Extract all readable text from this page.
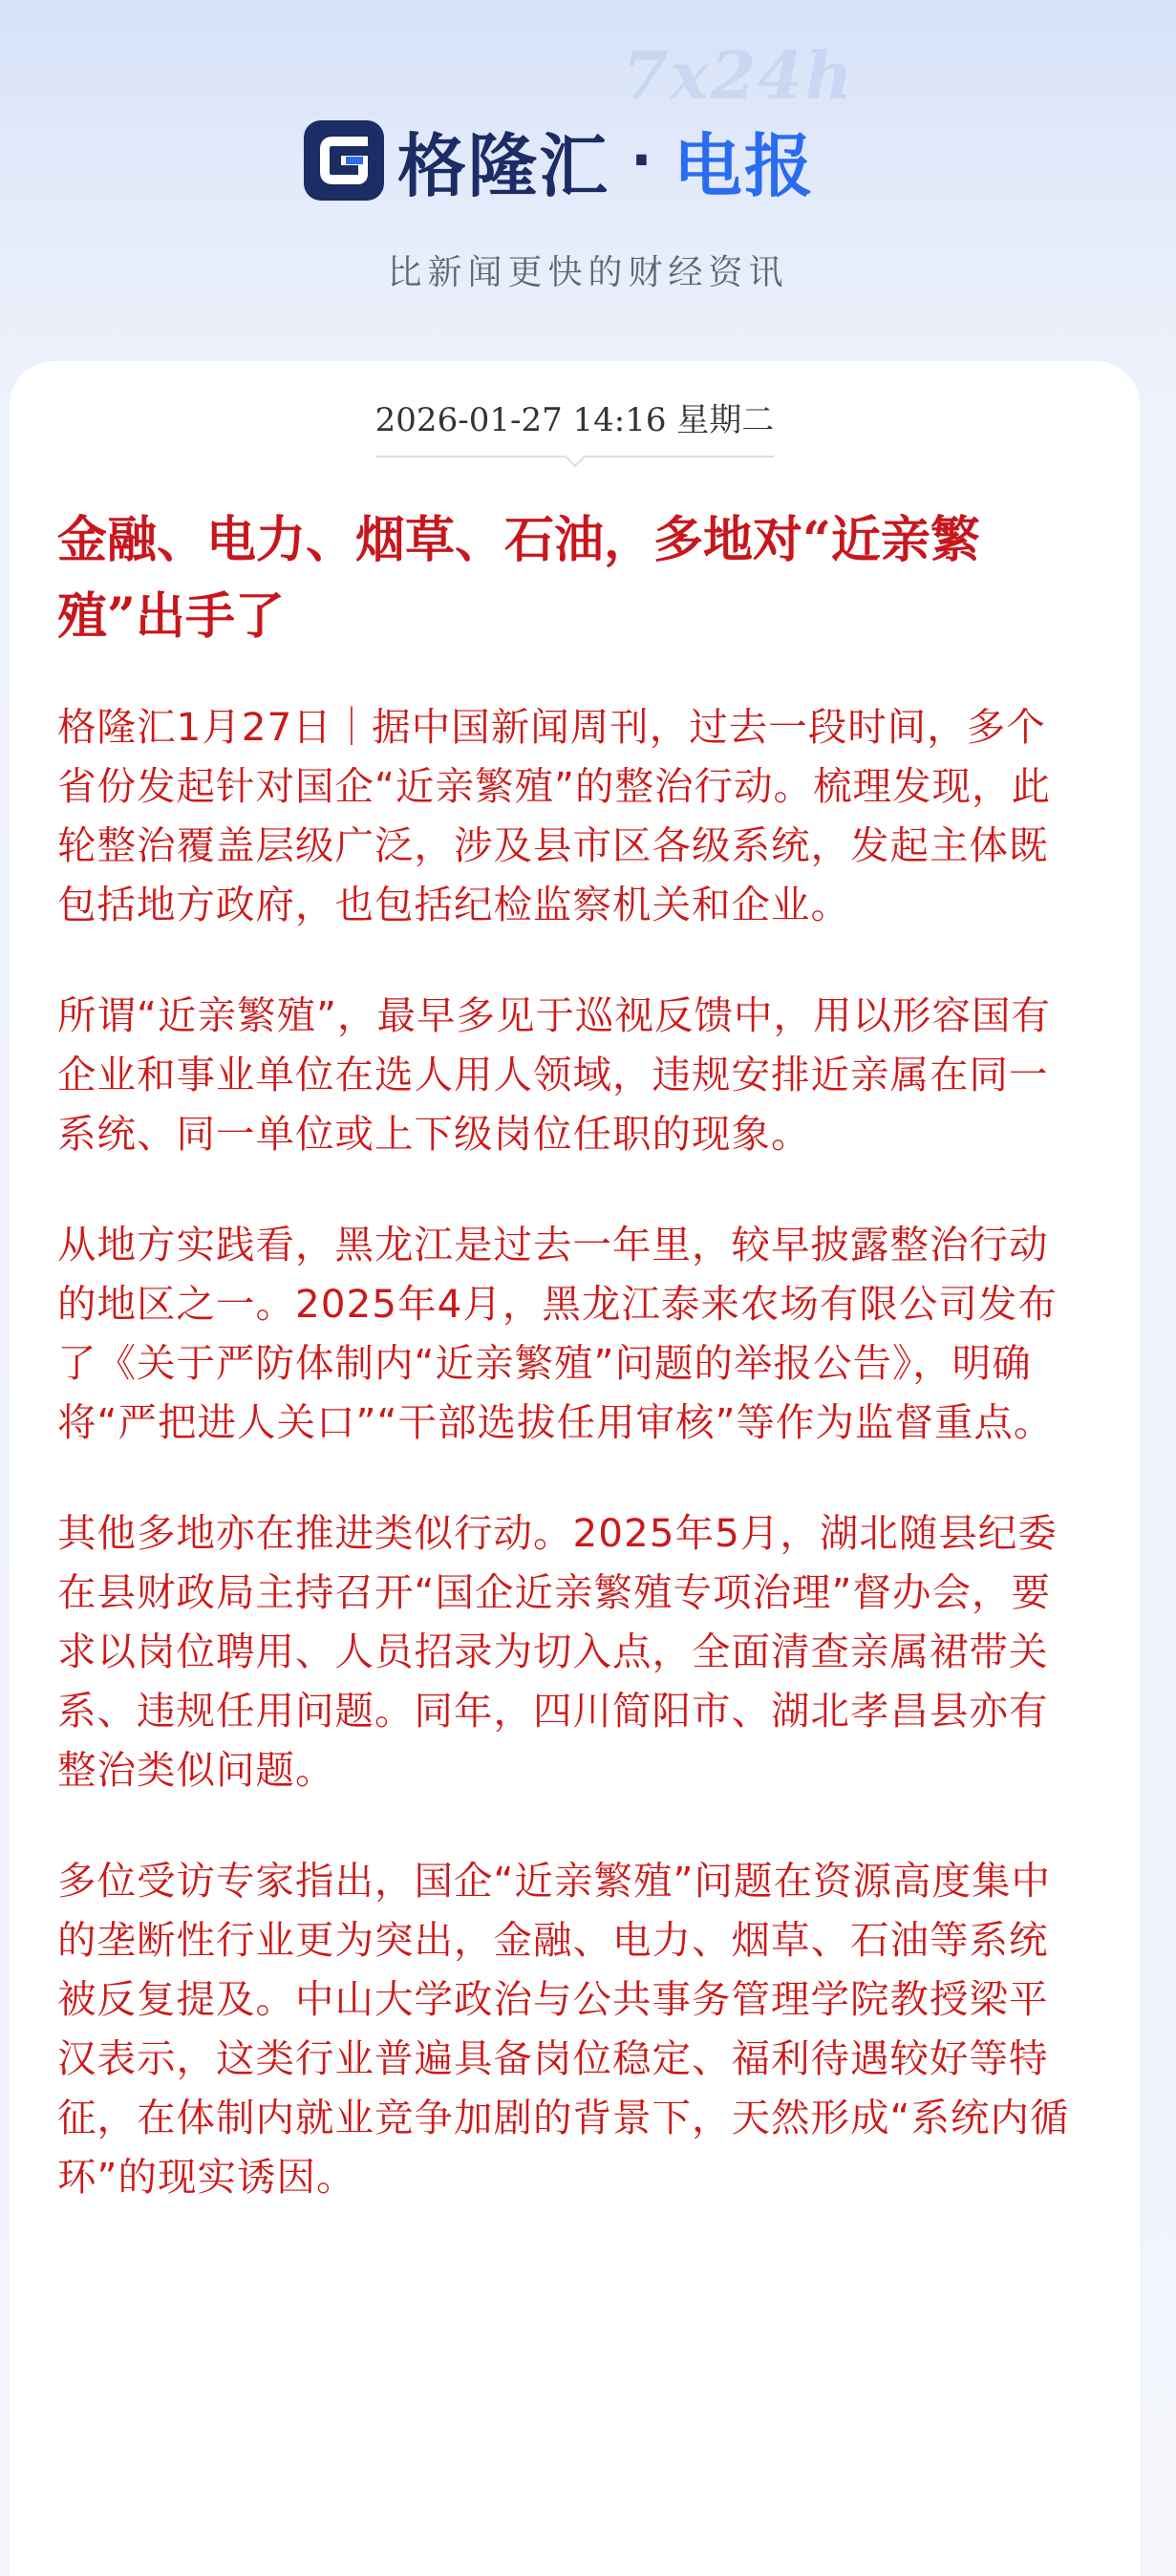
7x24h
格隆汇 · 电报
比新闻更快的财经资讯
2026-01-27 14:16 星期二
金融、电力、烟草、石油，多地对“近亲繁殖”出手了

格隆汇1月27日｜据中国新闻周刊，过去一段时间，多个省份发起针对国企“近亲繁殖”的整治行动。梳理发现，此轮整治覆盖层级广泛，涉及县市区各级系统，发起主体既包括地方政府，也包括纪检监察机关和企业。

所谓“近亲繁殖”，最早多见于巡视反馈中，用以形容国有企业和事业单位在选人用人领域，违规安排近亲属在同一系统、同一单位或上下级岗位任职的现象。

从地方实践看，黑龙江是过去一年里，较早披露整治行动的地区之一。2025年4月，黑龙江泰来农场有限公司发布了《关于严防体制内“近亲繁殖”问题的举报公告》，明确将“严把进人关口”“干部选拔任用审核”等作为监督重点。

其他多地亦在推进类似行动。2025年5月，湖北随县纪委在县财政局主持召开“国企近亲繁殖专项治理”督办会，要求以岗位聘用、人员招录为切入点，全面清查亲属裙带关系、违规任用问题。同年，四川简阳市、湖北孝昌县亦有整治类似问题。

多位受访专家指出，国企“近亲繁殖”问题在资源高度集中的垄断性行业更为突出，金融、电力、烟草、石油等系统被反复提及。中山大学政治与公共事务管理学院教授梁平汉表示，这类行业普遍具备岗位稳定、福利待遇较好等特征，在体制内就业竞争加剧的背景下，天然形成“系统内循环”的现实诱因。
